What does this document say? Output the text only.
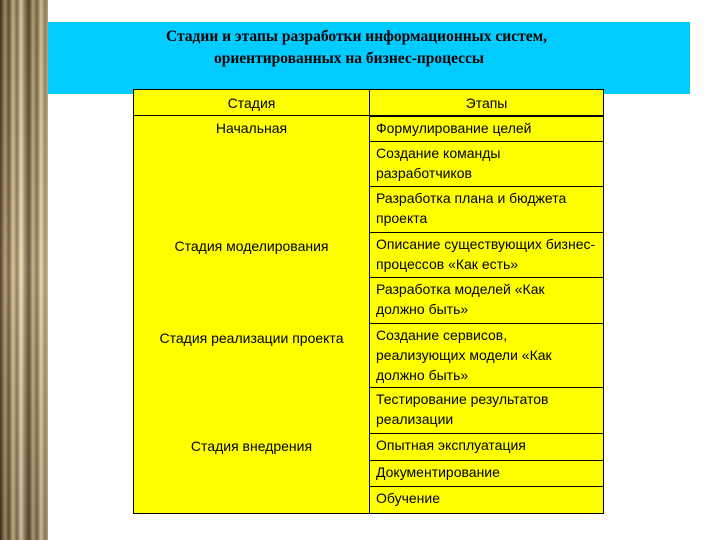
Стадии и этапы разработки информационных систем,
ориентированных на бизнес-процессы
Стадия	Этапы
Начальная
Стадия моделирования
Стадия реализации проекта
Стадия внедрения
Формулирование целей
Создание команды разработчиков
Разработка плана и бюджета проекта
Описание существующих бизнес-процессов «Как есть»
Разработка моделей «Как должно быть»
Создание сервисов, реализующих модели «Как должно быть»
Тестирование результатов реализации
Опытная эксплуатация
Документирование
Обучение
